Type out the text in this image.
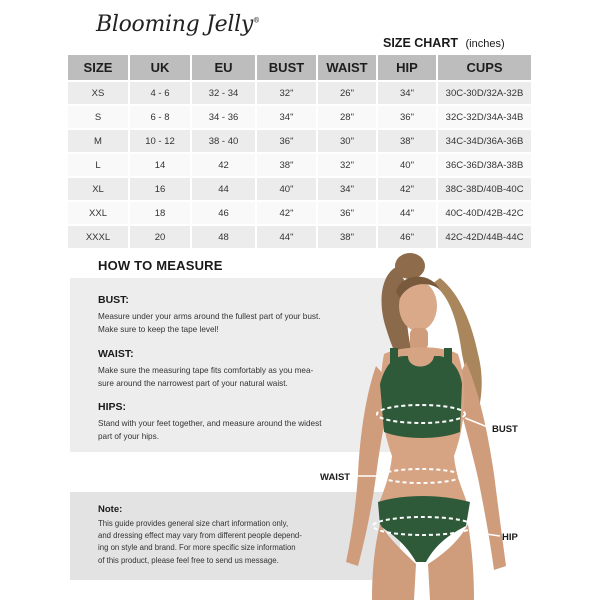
Blooming Jelly®
SIZE CHART (inches)
SIZE	UK	EU	BUST	WAIST	HIP	CUPS
XS	4 - 6	32 - 34	32"	26"	34"	30C-30D/32A-32B
S	6 - 8	34 - 36	34"	28"	36"	32C-32D/34A-34B
M	10 - 12	38 - 40	36"	30"	38"	34C-34D/36A-36B
L	14	42	38"	32"	40"	36C-36D/38A-38B
XL	16	44	40"	34"	42"	38C-38D/40B-40C
XXL	18	46	42"	36"	44"	40C-40D/42B-42C
XXXL	20	48	44"	38"	46"	42C-42D/44B-44C
HOW TO MEASURE
BUST:

Measure under your arms around the fullest part of your bust.

Make sure to keep the tape level!

WAIST:

Make sure the measuring tape fits comfortably as you mea-

sure around the narrowest part of your natural waist.

HIPS:

Stand with your feet together, and measure around the widest

part of your hips.

Note:

This guide provides general size chart information only,

and dressing effect may vary from different people depend-

ing on style and brand. For more specific size information

of this product, please feel free to send us message.

BUST
WAIST
HIP
